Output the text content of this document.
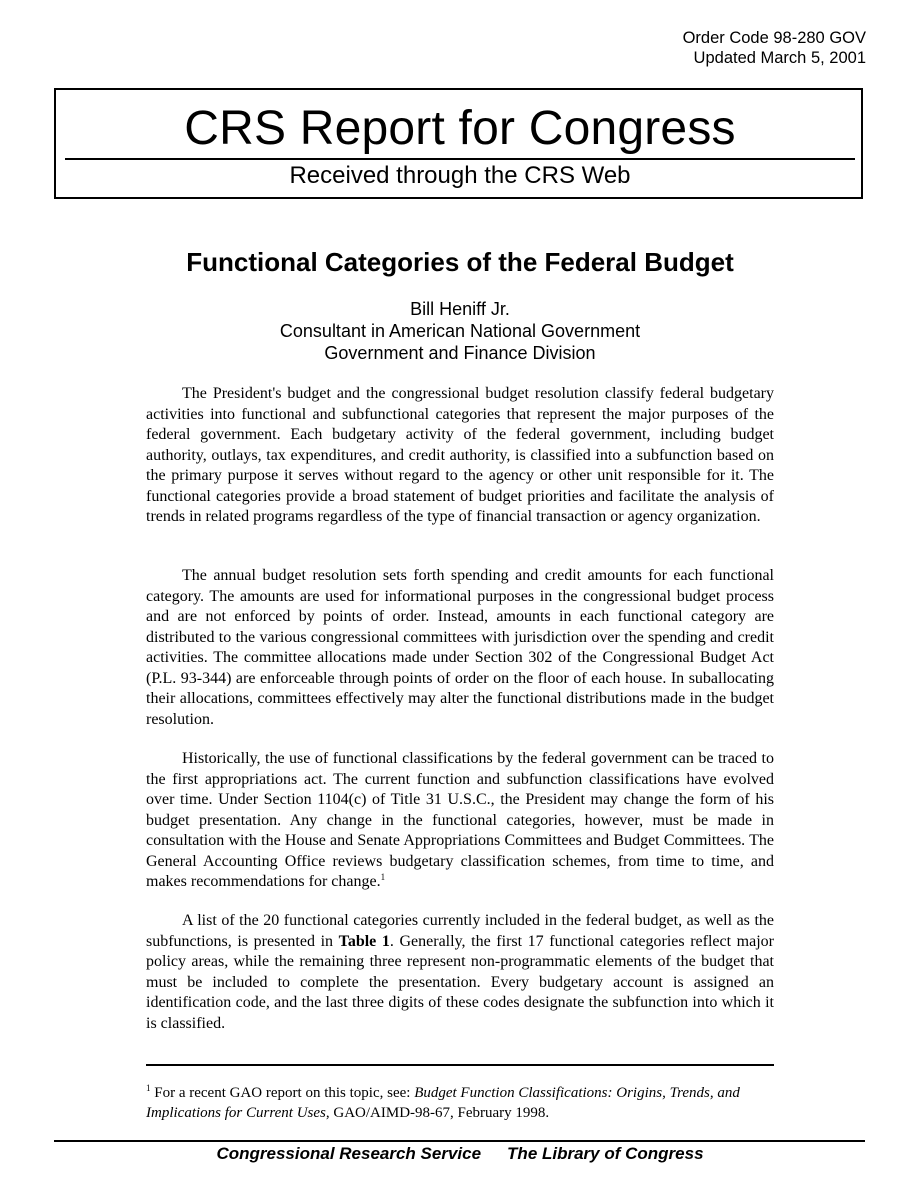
Order Code 98-280 GOV
Updated March 5, 2001
CRS Report for Congress
Received through the CRS Web
Functional Categories of the Federal Budget
Bill Heniff Jr.
Consultant in American National Government
Government and Finance Division

The President's budget and the congressional budget resolution classify federal budgetary activities into functional and subfunctional categories that represent the major purposes of the federal government. Each budgetary activity of the federal government, including budget authority, outlays, tax expenditures, and credit authority, is classified into a subfunction based on the primary purpose it serves without regard to the agency or other unit responsible for it. The functional categories provide a broad statement of budget priorities and facilitate the analysis of trends in related programs regardless of the type of financial transaction or agency organization.

The annual budget resolution sets forth spending and credit amounts for each functional category. The amounts are used for informational purposes in the congressional budget process and are not enforced by points of order. Instead, amounts in each functional category are distributed to the various congressional committees with jurisdiction over the spending and credit activities. The committee allocations made under Section 302 of the Congressional Budget Act (P.L. 93-344) are enforceable through points of order on the floor of each house. In suballocating their allocations, committees effectively may alter the functional distributions made in the budget resolution.

Historically, the use of functional classifications by the federal government can be traced to the first appropriations act. The current function and subfunction classifications have evolved over time. Under Section 1104(c) of Title 31 U.S.C., the President may change the form of his budget presentation. Any change in the functional categories, however, must be made in consultation with the House and Senate Appropriations Committees and Budget Committees. The General Accounting Office reviews budgetary classification schemes, from time to time, and makes recommendations for change.$^1$

A list of the 20 functional categories currently included in the federal budget, as well as the subfunctions, is presented in Table 1. Generally, the first 17 functional categories reflect major policy areas, while the remaining three represent non-programmatic elements of the budget that must be included to complete the presentation. Every budgetary account is assigned an identification code, and the last three digits of these codes designate the subfunction into which it is classified.

$^1$ For a recent GAO report on this topic, see: Budget Function Classifications: Origins, Trends, and Implications for Current Uses, GAO/AIMD-98-67, February 1998.

Congressional Research Service The Library of Congress
